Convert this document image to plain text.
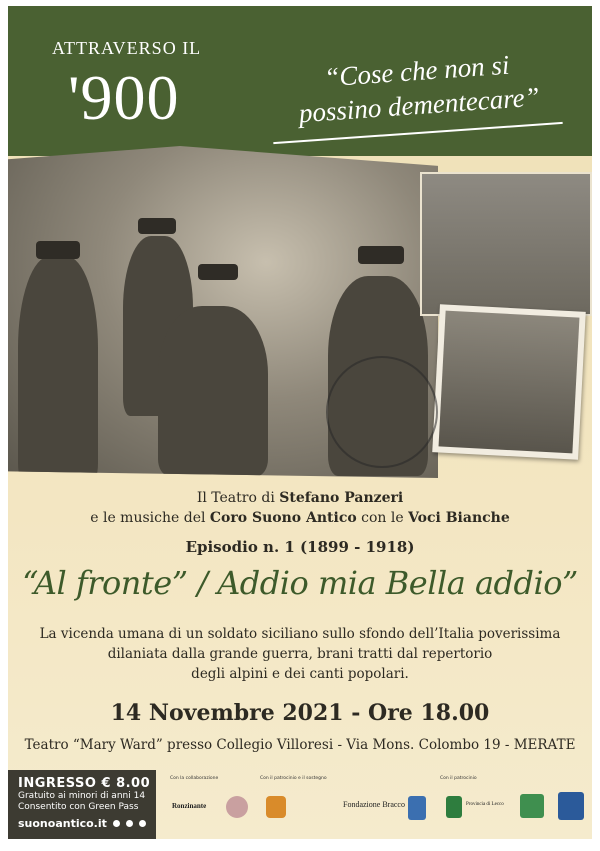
ATTRAVERSO IL
'900	“Cose che non si
possino dementecare”
Il Teatro di Stefano Panzeri
e le musiche del Coro Suono Antico con le Voci Bianche
Episodio n. 1 (1899 - 1918)
“Al fronte” / Addio mia Bella addio”
La vicenda umana di un soldato siciliano sullo sfondo dell’Italia poverissima
dilaniata dalla grande guerra, brani tratti dal repertorio
degli alpini e dei canti popolari.
14 Novembre 2021 - Ore 18.00
Teatro “Mary Ward” presso Collegio Villoresi - Via Mons. Colombo 19 - MERATE
INGRESSO € 8.00
Gratuito ai minori di anni 14
Consentito con Green Pass
suonoantico.it
Con la collaborazione	Con il patrocinio e il sostegno	Con il patrocinio
Ronzinante	Fondazione Bracco	Provincia di Lecco
